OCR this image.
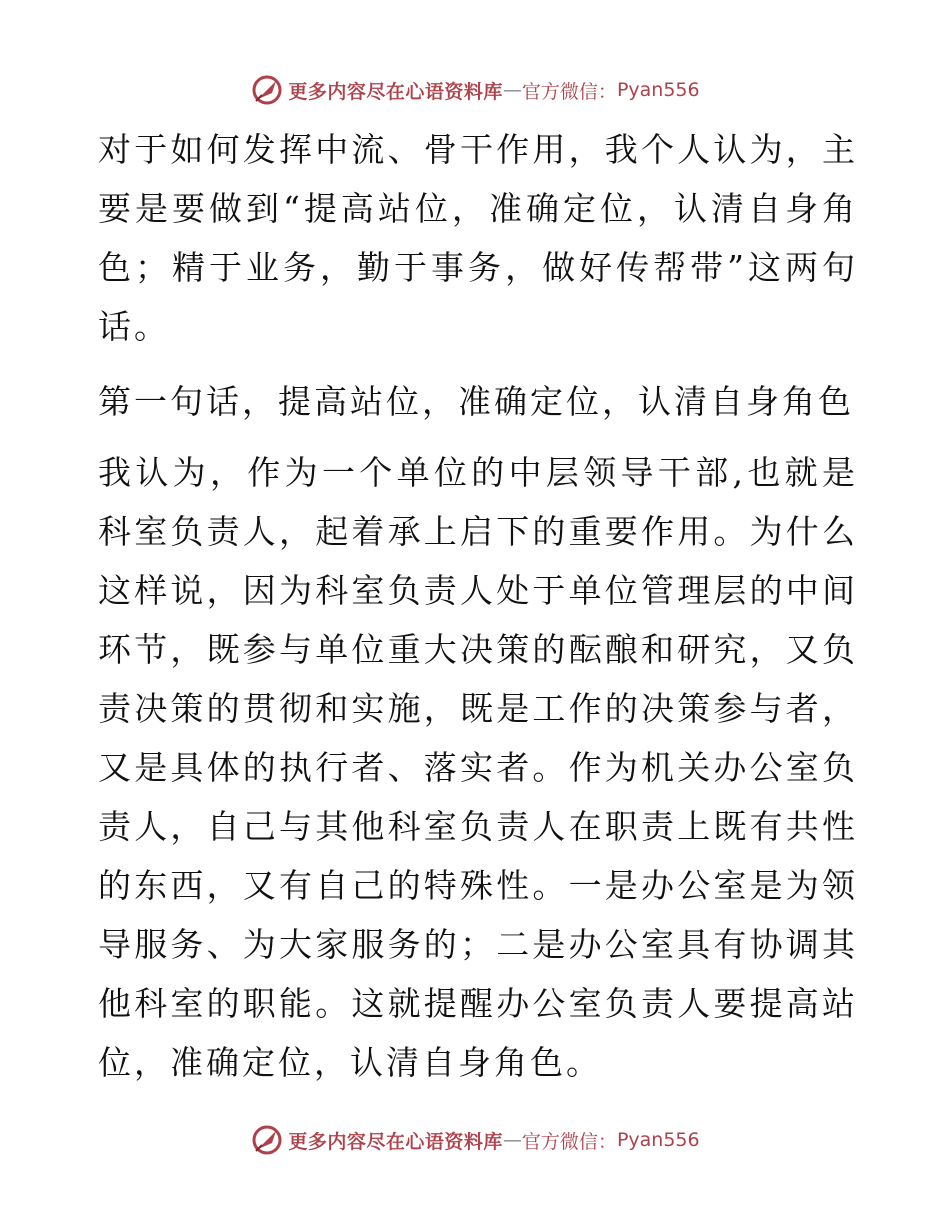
更多内容尽在心语资料库 — 官方微信： Pyan556

对于如何发挥中流、骨干作用，我个人认为，主要是要做到“提高站位，准确定位，认清自身角色；精于业务，勤于事务，做好传帮带”这两句话。

第一句话，提高站位，准确定位，认清自身角色

我认为，作为一个单位的中层领导干部,也就是科室负责人，起着承上启下的重要作用。为什么这样说，因为科室负责人处于单位管理层的中间环节，既参与单位重大决策的酝酿和研究，又负责决策的贯彻和实施，既是工作的决策参与者，又是具体的执行者、落实者。作为机关办公室负责人，自己与其他科室负责人在职责上既有共性的东西，又有自己的特殊性。一是办公室是为领导服务、为大家服务的；二是办公室具有协调其他科室的职能。这就提醒办公室负责人要提高站位，准确定位，认清自身角色。

更多内容尽在心语资料库 — 官方微信： Pyan556
